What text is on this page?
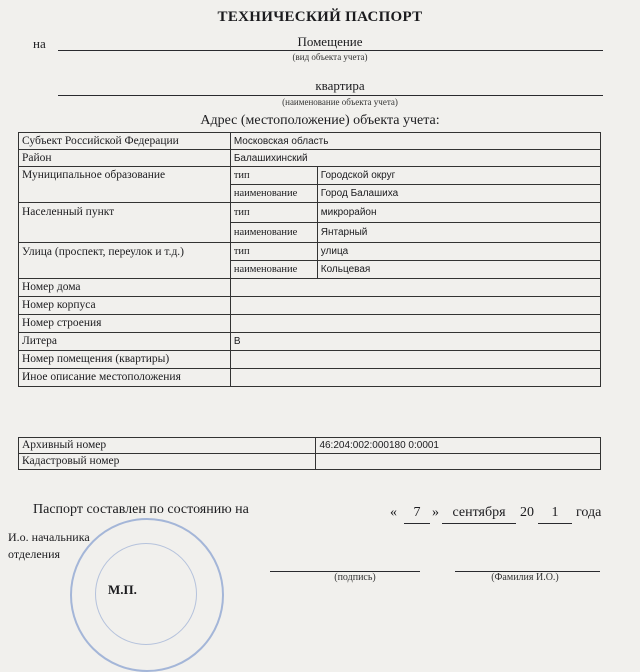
ТЕХНИЧЕСКИЙ ПАСПОРТ
на	Помещение
(вид объекта учета)
квартира
(наименование объекта учета)
Адрес (местоположение) объекта учета:
Субъект Российской Федерации	Московская область	
Район	Балашихинский	
Муниципальное образование	тип	Городской округ
	наименование	Город Балашиха
Населенный пункт	тип	микрорайон
	наименование	Янтарный
Улица (проспект, переулок и т.д.)	тип	улица
	наименование	Кольцевая
Номер дома		
Номер корпуса		
Номер строения		
Литера	В	
Номер помещения (квартиры)		
Иное описание местоположения		
Архивный номер	46:204:002:000180 0:0001
Кадастровый номер	
Паспорт составлен по состоянию на	«	7 » сентября	20	1	года
И.о. начальника
отделения
М.П.
(подпись)	(Фамилия И.О.)
